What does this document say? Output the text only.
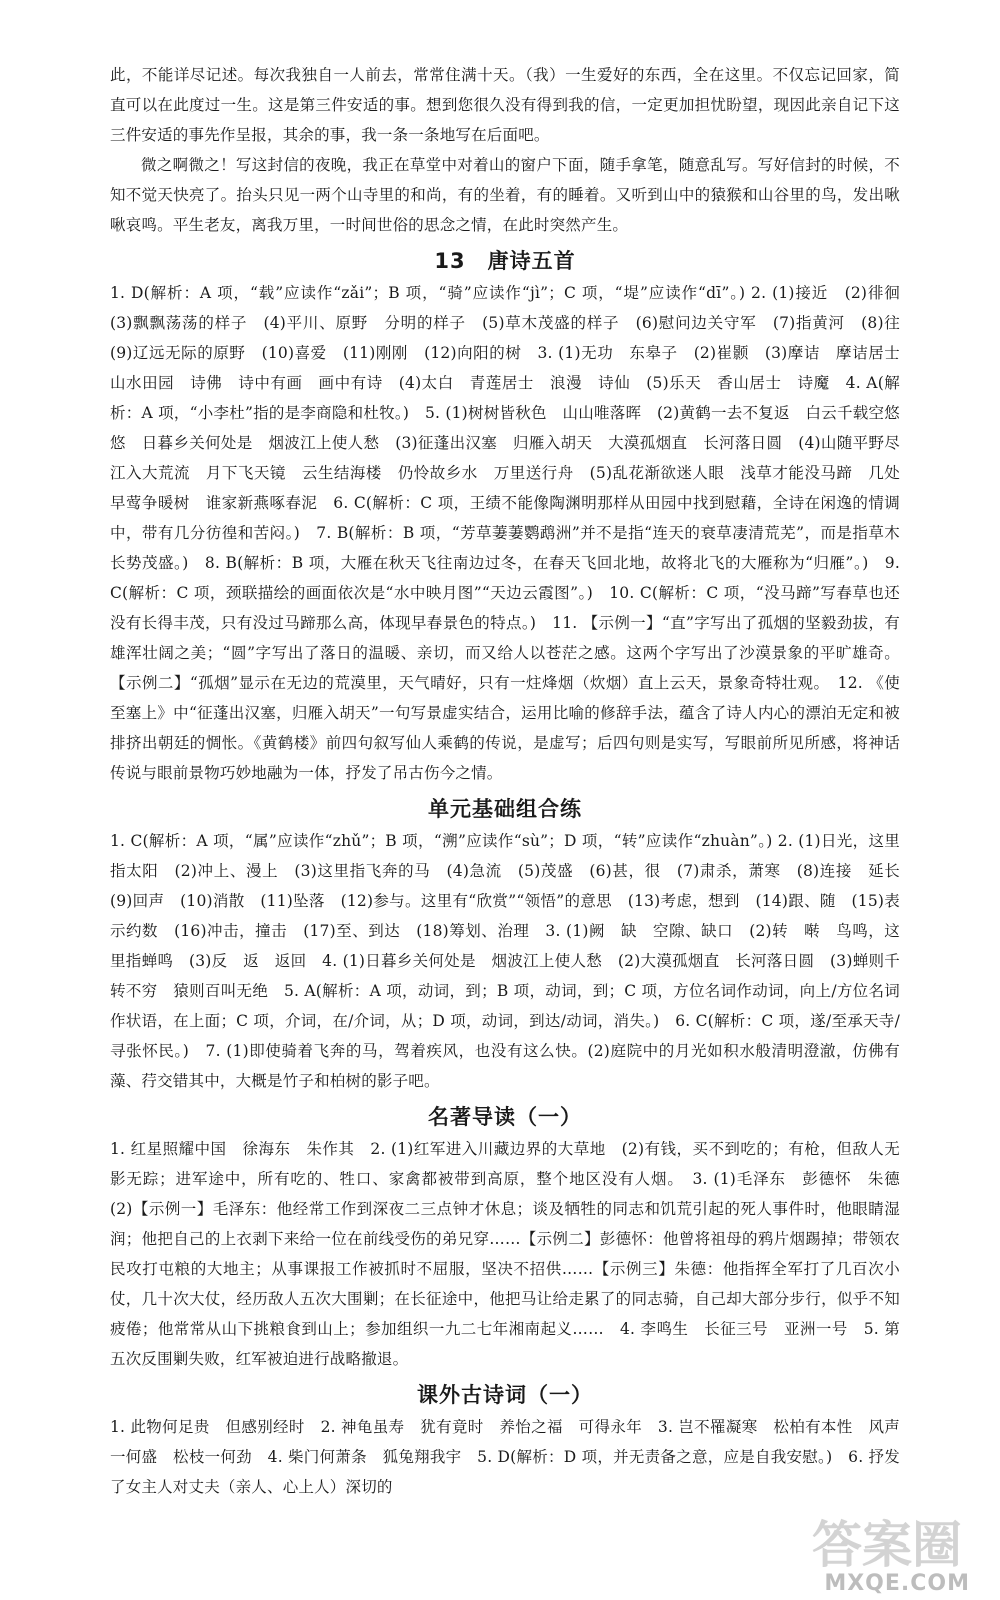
此，不能详尽记述。每次我独自一人前去，常常住满十天。（我）一生爱好的东西，全在这里。不仅忘记回家，简直可以在此度过一生。这是第三件安适的事。想到您很久没有得到我的信，一定更加担忧盼望，现因此亲自记下这三件安适的事先作呈报，其余的事，我一条一条地写在后面吧。

微之啊微之！写这封信的夜晚，我正在草堂中对着山的窗户下面，随手拿笔，随意乱写。写好信封的时候，不知不觉天快亮了。抬头只见一两个山寺里的和尚，有的坐着，有的睡着。又听到山中的猿猴和山谷里的鸟，发出啾啾哀鸣。平生老友，离我万里，一时间世俗的思念之情，在此时突然产生。

13　唐诗五首

1. D(解析：A 项，“载”应读作“zǎi”；B 项，“骑”应读作“jì”；C 项，“堤”应读作“dī”。) 2. (1)接近　(2)徘徊　(3)飘飘荡荡的样子　(4)平川、原野　分明的样子　(5)草木茂盛的样子　(6)慰问边关守军　(7)指黄河　(8)往　(9)辽远无际的原野　(10)喜爱　(11)刚刚　(12)向阳的树　3. (1)无功　东皋子　(2)崔颢　(3)摩诘　摩诘居士　山水田园　诗佛　诗中有画　画中有诗　(4)太白　青莲居士　浪漫　诗仙　(5)乐天　香山居士　诗魔　4. A(解析：A 项，“小李杜”指的是李商隐和杜牧。)　5. (1)树树皆秋色　山山唯落晖　(2)黄鹤一去不复返　白云千载空悠悠　日暮乡关何处是　烟波江上使人愁　(3)征蓬出汉塞　归雁入胡天　大漠孤烟直　长河落日圆　(4)山随平野尽　江入大荒流　月下飞天镜　云生结海楼　仍怜故乡水　万里送行舟　(5)乱花渐欲迷人眼　浅草才能没马蹄　几处早莺争暖树　谁家新燕啄春泥　6. C(解析：C 项，王绩不能像陶渊明那样从田园中找到慰藉，全诗在闲逸的情调中，带有几分彷徨和苦闷。)　7. B(解析：B 项，“芳草萋萋鹦鹉洲”并不是指“连天的衰草凄清荒芜”，而是指草木长势茂盛。)　8. B(解析：B 项，大雁在秋天飞往南边过冬，在春天飞回北地，故将北飞的大雁称为“归雁”。)　9. C(解析：C 项，颈联描绘的画面依次是“水中映月图”“天边云霞图”。)　10. C(解析：C 项，“没马蹄”写春草也还没有长得丰茂，只有没过马蹄那么高，体现早春景色的特点。)　11. 【示例一】“直”字写出了孤烟的坚毅劲拔，有雄浑壮阔之美；“圆”字写出了落日的温暖、亲切，而又给人以苍茫之感。这两个字写出了沙漠景象的平旷雄奇。【示例二】“孤烟”显示在无边的荒漠里，天气晴好，只有一炷烽烟（炊烟）直上云天，景象奇特壮观。　12. 《使至塞上》中“征蓬出汉塞，归雁入胡天”一句写景虚实结合，运用比喻的修辞手法，蕴含了诗人内心的漂泊无定和被排挤出朝廷的惆怅。《黄鹤楼》前四句叙写仙人乘鹤的传说，是虚写；后四句则是实写，写眼前所见所感，将神话传说与眼前景物巧妙地融为一体，抒发了吊古伤今之情。

单元基础组合练

1. C(解析：A 项，“属”应读作“zhǔ”；B 项，“溯”应读作“sù”；D 项，“转”应读作“zhuàn”。) 2. (1)日光，这里指太阳　(2)冲上、漫上　(3)这里指飞奔的马　(4)急流　(5)茂盛　(6)甚，很　(7)肃杀，萧寒　(8)连接　延长　(9)回声　(10)消散　(11)坠落　(12)参与。这里有“欣赏”“领悟”的意思　(13)考虑，想到　(14)跟、随　(15)表示约数　(16)冲击，撞击　(17)至、到达　(18)筹划、治理　3. (1)阙　缺　空隙、缺口　(2)转　啭　鸟鸣，这里指蝉鸣　(3)反　返　返回　4. (1)日暮乡关何处是　烟波江上使人愁　(2)大漠孤烟直　长河落日圆　(3)蝉则千转不穷　猿则百叫无绝　5. A(解析：A 项，动词，到；B 项，动词，到；C 项，方位名词作动词，向上/方位名词作状语，在上面；C 项，介词，在/介词，从；D 项，动词，到达/动词，消失。)　6. C(解析：C 项，遂/至承天寺/寻张怀民。)　7. (1)即使骑着飞奔的马，驾着疾风，也没有这么快。(2)庭院中的月光如积水般清明澄澈，仿佛有藻、荇交错其中，大概是竹子和柏树的影子吧。

名著导读（一）

1. 红星照耀中国　徐海东　朱作其　2. (1)红军进入川藏边界的大草地　(2)有钱，买不到吃的；有枪，但敌人无影无踪；进军途中，所有吃的、牲口、家禽都被带到高原，整个地区没有人烟。　3. (1)毛泽东　彭德怀　朱德　(2)【示例一】毛泽东：他经常工作到深夜二三点钟才休息；谈及牺牲的同志和饥荒引起的死人事件时，他眼睛湿润；他把自己的上衣剥下来给一位在前线受伤的弟兄穿……【示例二】彭德怀：他曾将祖母的鸦片烟踢掉；带领农民攻打屯粮的大地主；从事课报工作被抓时不屈服，坚决不招供……【示例三】朱德：他指挥全军打了几百次小仗，几十次大仗，经历敌人五次大围剿；在长征途中，他把马让给走累了的同志骑，自己却大部分步行，似乎不知疲倦；他常常从山下挑粮食到山上；参加组织一九二七年湘南起义……　4. 李鸣生　长征三号　亚洲一号　5. 第五次反围剿失败，红军被迫进行战略撤退。

课外古诗词（一）

1. 此物何足贵　但感别经时　2. 神龟虽寿　犹有竟时　养怡之福　可得永年　3. 岂不罹凝寒　松柏有本性　风声一何盛　松枝一何劲　4. 柴门何萧条　狐兔翔我宇　5. D(解析：D 项，并无责备之意，应是自我安慰。)　6. 抒发了女主人对丈夫（亲人、心上人）深切的

答案圈
MXQE.COM
